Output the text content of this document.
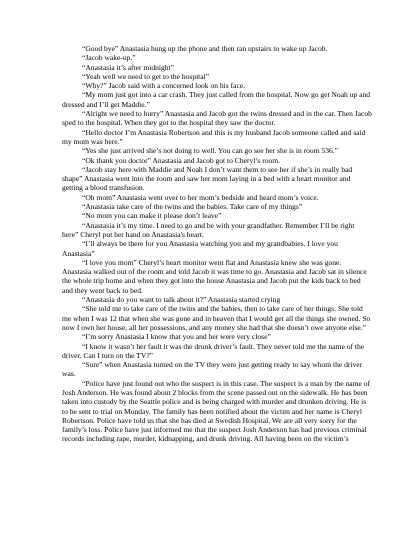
“Good bye” Anastasia hung up the phone and then ran upstairs to wake up Jacob.

“Jacob wake-up.”

“Anastasia it’s after midnight”

“Yeah well we need to get to the hospital”

“Why?” Jacob said with a concerned look on his face.

“My mom just got into a car crash. They just called from the hospital. Now go get Noah up and dressed and I’ll get Maddie.”

“Alright we need to hurry” Anastasia and Jacob got the twins dressed and in the car. Then Jacob sped to the hospital. When they got to the hospital they saw the doctor.

“Hello doctor I’m Anastasia Robertson and this is my husband Jacob someone called and said my mom was here.”

“Yes she just arrived she’s not doing to well. You can go see her she is in room 536.”

“Ok thank you doctor” Anastasia and Jacob got to Cheryl’s room.

“Jacob stay here with Maddie and Noah I don’t want them to see her if she’s in really bad shape” Anastasia went into the room and saw her mom laying in a bed with a heart monitor and getting a blood transfusion.

“Oh mom” Anastasia went over to her mom’s bedside and heard mom’s voice.

“Anastasia take care of the twins and the babies. Take care of my things”

“No mom you can make it please don’t leave”

“Anastasia it’s my time. I need to go and be with your grandfather. Remember I’ll be right here” Cheryl put her hand on Anastasia's heart.

“I’ll always be there for you Anastasia watching you and my grandbabies. I love you Anastasia”

“I love you mom” Cheryl’s heart monitor went flat and Anastasia knew she was gone. Anastasia walked out of the room and told Jacob it was time to go. Anastasia and Jacob sat in silence the whole trip home and when they got into the house Anastasia and Jacob put the kids back to bed and they went back to bed.

“Anastasia do you want to talk about it?” Anastasia started crying

“She told me to take care of the twins and the babies, then to take care of her things. She told me when I was 12 that when she was gone and in heaven that I would get all the things she owned. So now I own her house, all her possessions, and any money she had that she doesn’t owe anyone else.”

“I’m sorry Anastasia I know that you and her were very close”

“I know it wasn’t her fault it was the drunk driver’s fault. They never told me the name of the driver. Can I turn on the TV?”

“Sure” when Anastasia turned on the TV they were just getting ready to say whom the driver was.

“Police have just found out who the suspect is in this case. The suspect is a man by the name of Josh Anderson. He was found about 2 blocks from the scene passed out on the sidewalk. He has been taken into custody by the Seattle police and is being charged with murder and drunken driving. He is to be sent to trial on Monday. The family has been notified about the victim and her name is Cheryl Robertson. Police have told us that she has died at Swedish Hospital. We are all very sorry for the family’s loss. Police have just informed me that the suspect Josh Anderson has had previous criminal records including rape, murder, kidnapping, and drunk driving. All having been on the victim’s
